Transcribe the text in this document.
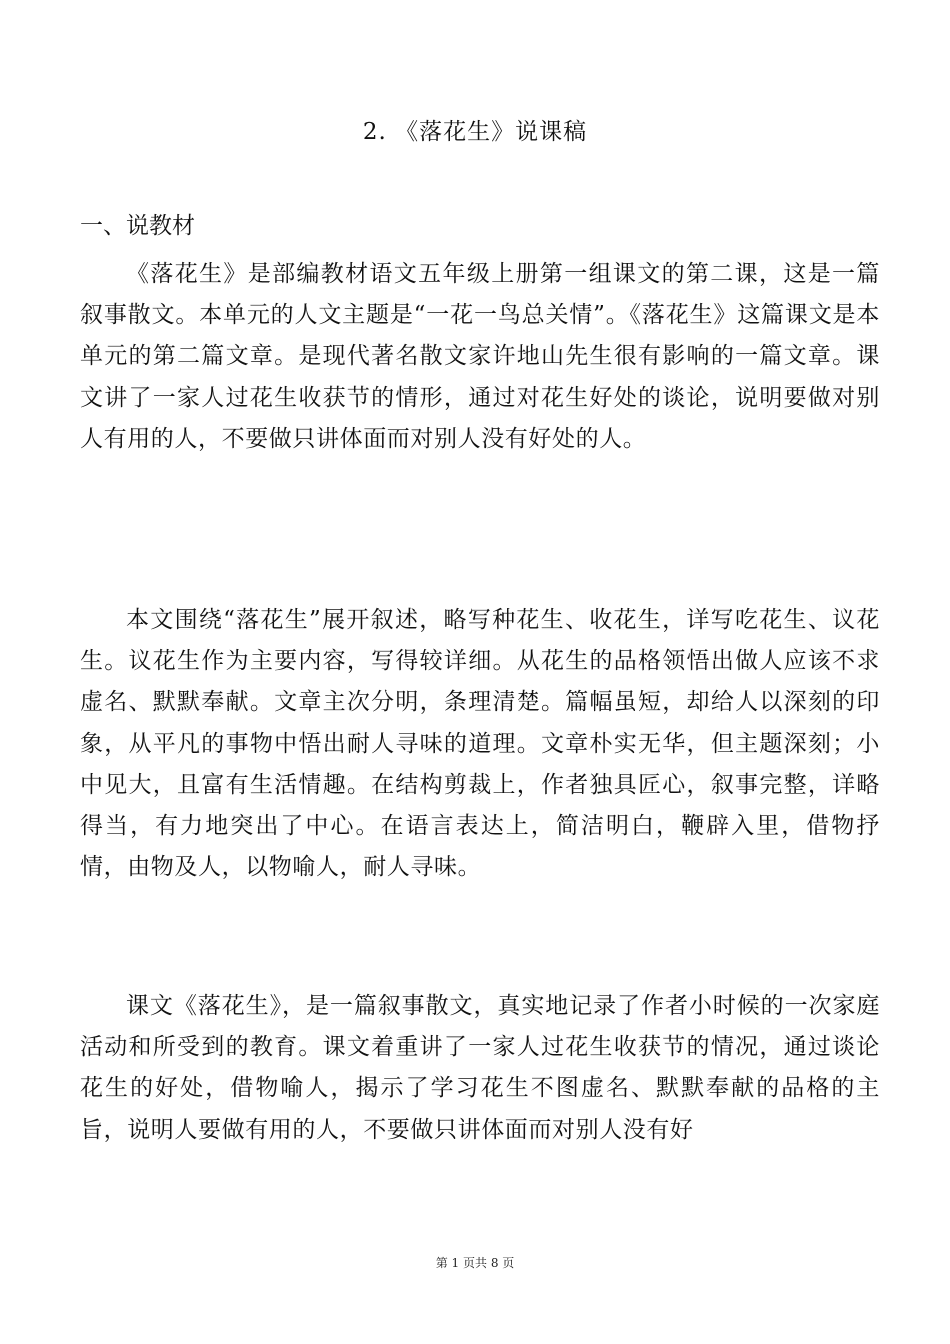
2. 《落花生》说课稿
一、说教材

《落花生》是部编教材语文五年级上册第一组课文的第二课，这是一篇叙事散文。本单元的人文主题是“一花一鸟总关情”。《落花生》这篇课文是本单元的第二篇文章。是现代著名散文家许地山先生很有影响的一篇文章。课文讲了一家人过花生收获节的情形，通过对花生好处的谈论，说明要做对别人有用的人，不要做只讲体面而对别人没有好处的人。

本文围绕“落花生”展开叙述，略写种花生、收花生，详写吃花生、议花生。议花生作为主要内容，写得较详细。从花生的品格领悟出做人应该不求虚名、默默奉献。文章主次分明，条理清楚。篇幅虽短，却给人以深刻的印象，从平凡的事物中悟出耐人寻味的道理。文章朴实无华，但主题深刻；小中见大，且富有生活情趣。在结构剪裁上，作者独具匠心，叙事完整，详略得当，有力地突出了中心。在语言表达上，简洁明白，鞭辟入里，借物抒情，由物及人，以物喻人，耐人寻味。

课文《落花生》，是一篇叙事散文，真实地记录了作者小时候的一次家庭活动和所受到的教育。课文着重讲了一家人过花生收获节的情况，通过谈论花生的好处，借物喻人，揭示了学习花生不图虚名、默默奉献的品格的主旨，说明人要做有用的人，不要做只讲体面而对别人没有好

第 1 页共 8 页
